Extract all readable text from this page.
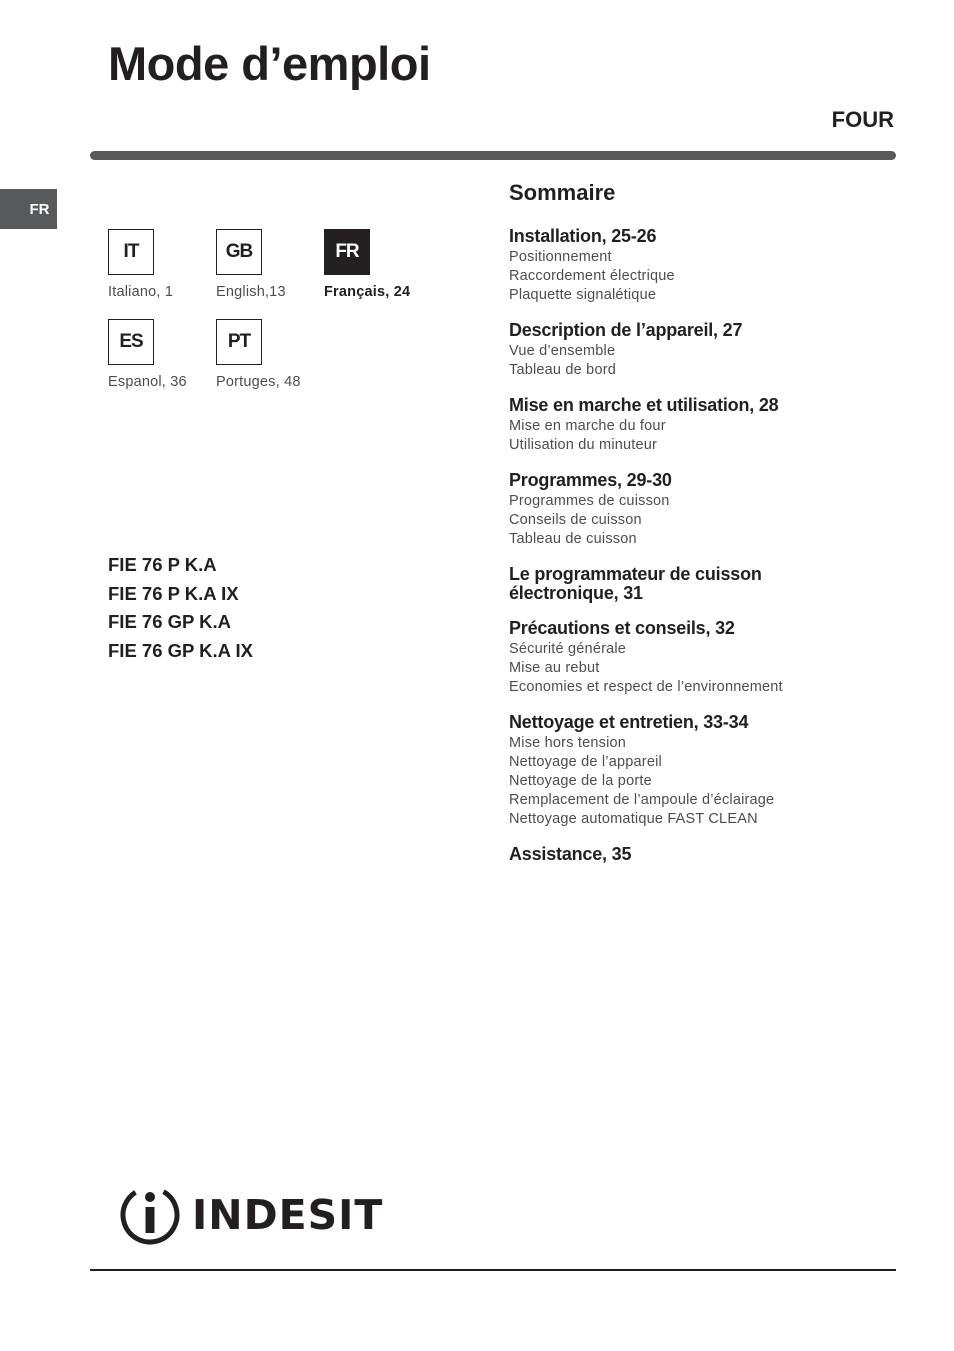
Mode d’emploi
FOUR
FR
IT
Italiano, 1
GB
English,13
FR
Français, 24
ES
Espanol, 36
PT
Portuges, 48
FIE 76 P K.A
FIE 76 P K.A IX
FIE 76 GP K.A
FIE 76 GP K.A IX
Sommaire
Installation, 25-26
Positionnement
Raccordement électrique
Plaquette signalétique
Description de l’appareil, 27
Vue d’ensemble
Tableau de bord
Mise en marche et utilisation, 28
Mise en marche du four
Utilisation du minuteur
Programmes, 29-30
Programmes de cuisson
Conseils de cuisson
Tableau de cuisson
Le programmateur de cuisson électronique, 31
Précautions et conseils, 32
Sécurité générale
Mise au rebut
Economies et respect de l’environnement
Nettoyage et entretien, 33-34
Mise hors tension
Nettoyage de l’appareil
Nettoyage de la porte
Remplacement de l’ampoule d’éclairage
Nettoyage automatique FAST CLEAN
Assistance, 35
INDESIT
